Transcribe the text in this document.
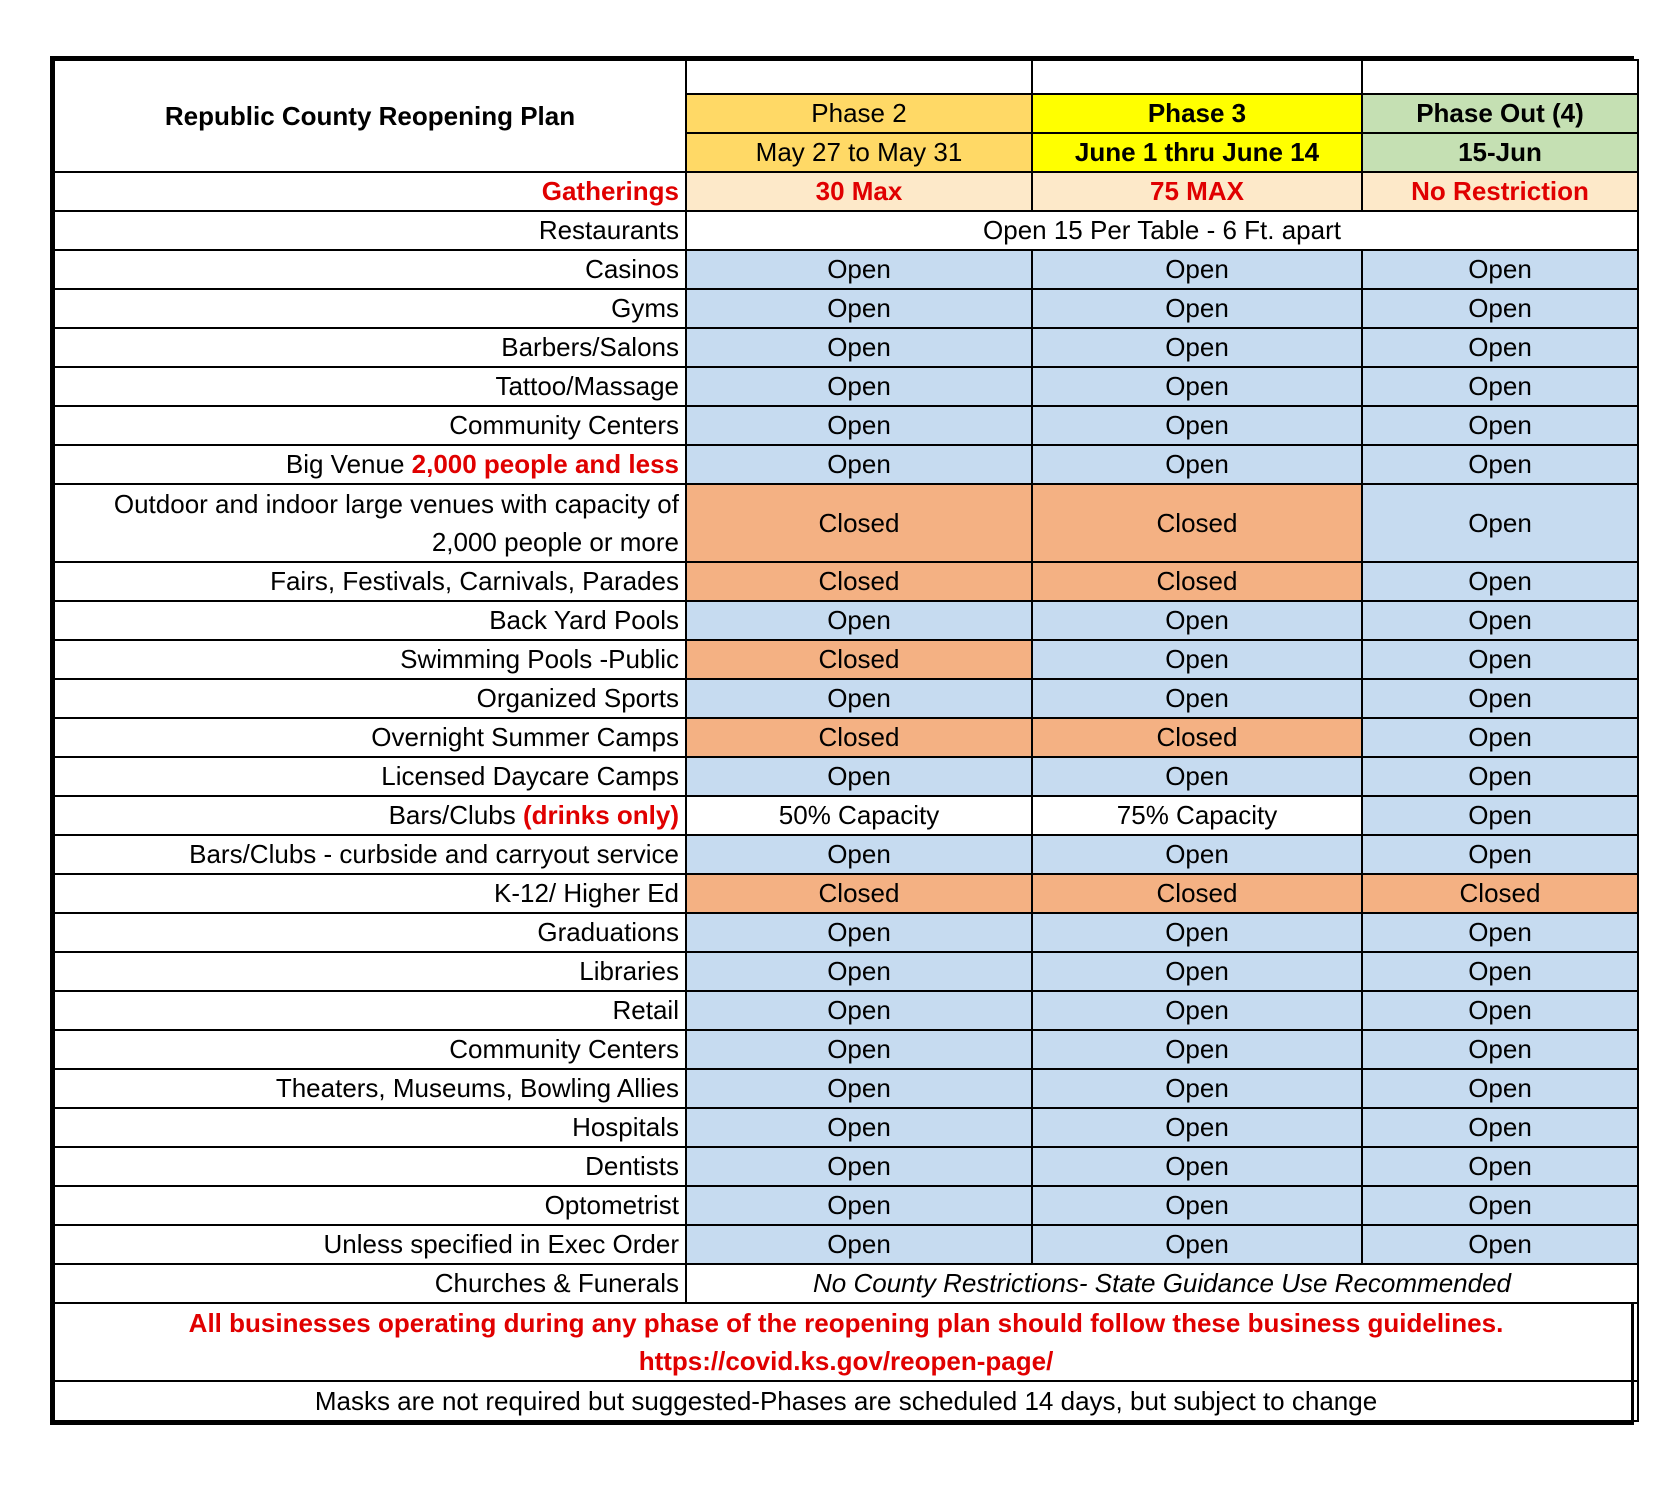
Republic County Reopening Plan			
	Phase 2	Phase 3	Phase Out (4)
	May 27 to May 31	June 1 thru June 14	15-Jun
Gatherings	30 Max	75 MAX	No Restriction
Restaurants	Open 15 Per Table - 6 Ft. apart		
Casinos	Open	Open	Open
Gyms	Open	Open	Open
Barbers/Salons	Open	Open	Open
Tattoo/Massage	Open	Open	Open
Community Centers	Open	Open	Open
Big Venue 2,000 people and less	Open	Open	Open
Outdoor and indoor large venues with capacity of 2,000 people or more	Closed	Closed	Open
Fairs, Festivals, Carnivals, Parades	Closed	Closed	Open
Back Yard Pools	Open	Open	Open
Swimming Pools -Public	Closed	Open	Open
Organized Sports	Open	Open	Open
Overnight Summer Camps	Closed	Closed	Open
Licensed Daycare Camps	Open	Open	Open
Bars/Clubs (drinks only)	50% Capacity	75% Capacity	Open
Bars/Clubs - curbside and carryout service	Open	Open	Open
K-12/ Higher Ed	Closed	Closed	Closed
Graduations	Open	Open	Open
Libraries	Open	Open	Open
Retail	Open	Open	Open
Community Centers	Open	Open	Open
Theaters, Museums, Bowling Allies	Open	Open	Open
Hospitals	Open	Open	Open
Dentists	Open	Open	Open
Optometrist	Open	Open	Open
Unless specified in Exec Order	Open	Open	Open
Churches & Funerals	No County Restrictions- State Guidance Use Recommended		

All businesses operating during any phase of the reopening plan should follow these business guidelines.
https://covid.ks.gov/reopen-page/			

Masks are not required but suggested-Phases are scheduled 14 days, but subject to change			
